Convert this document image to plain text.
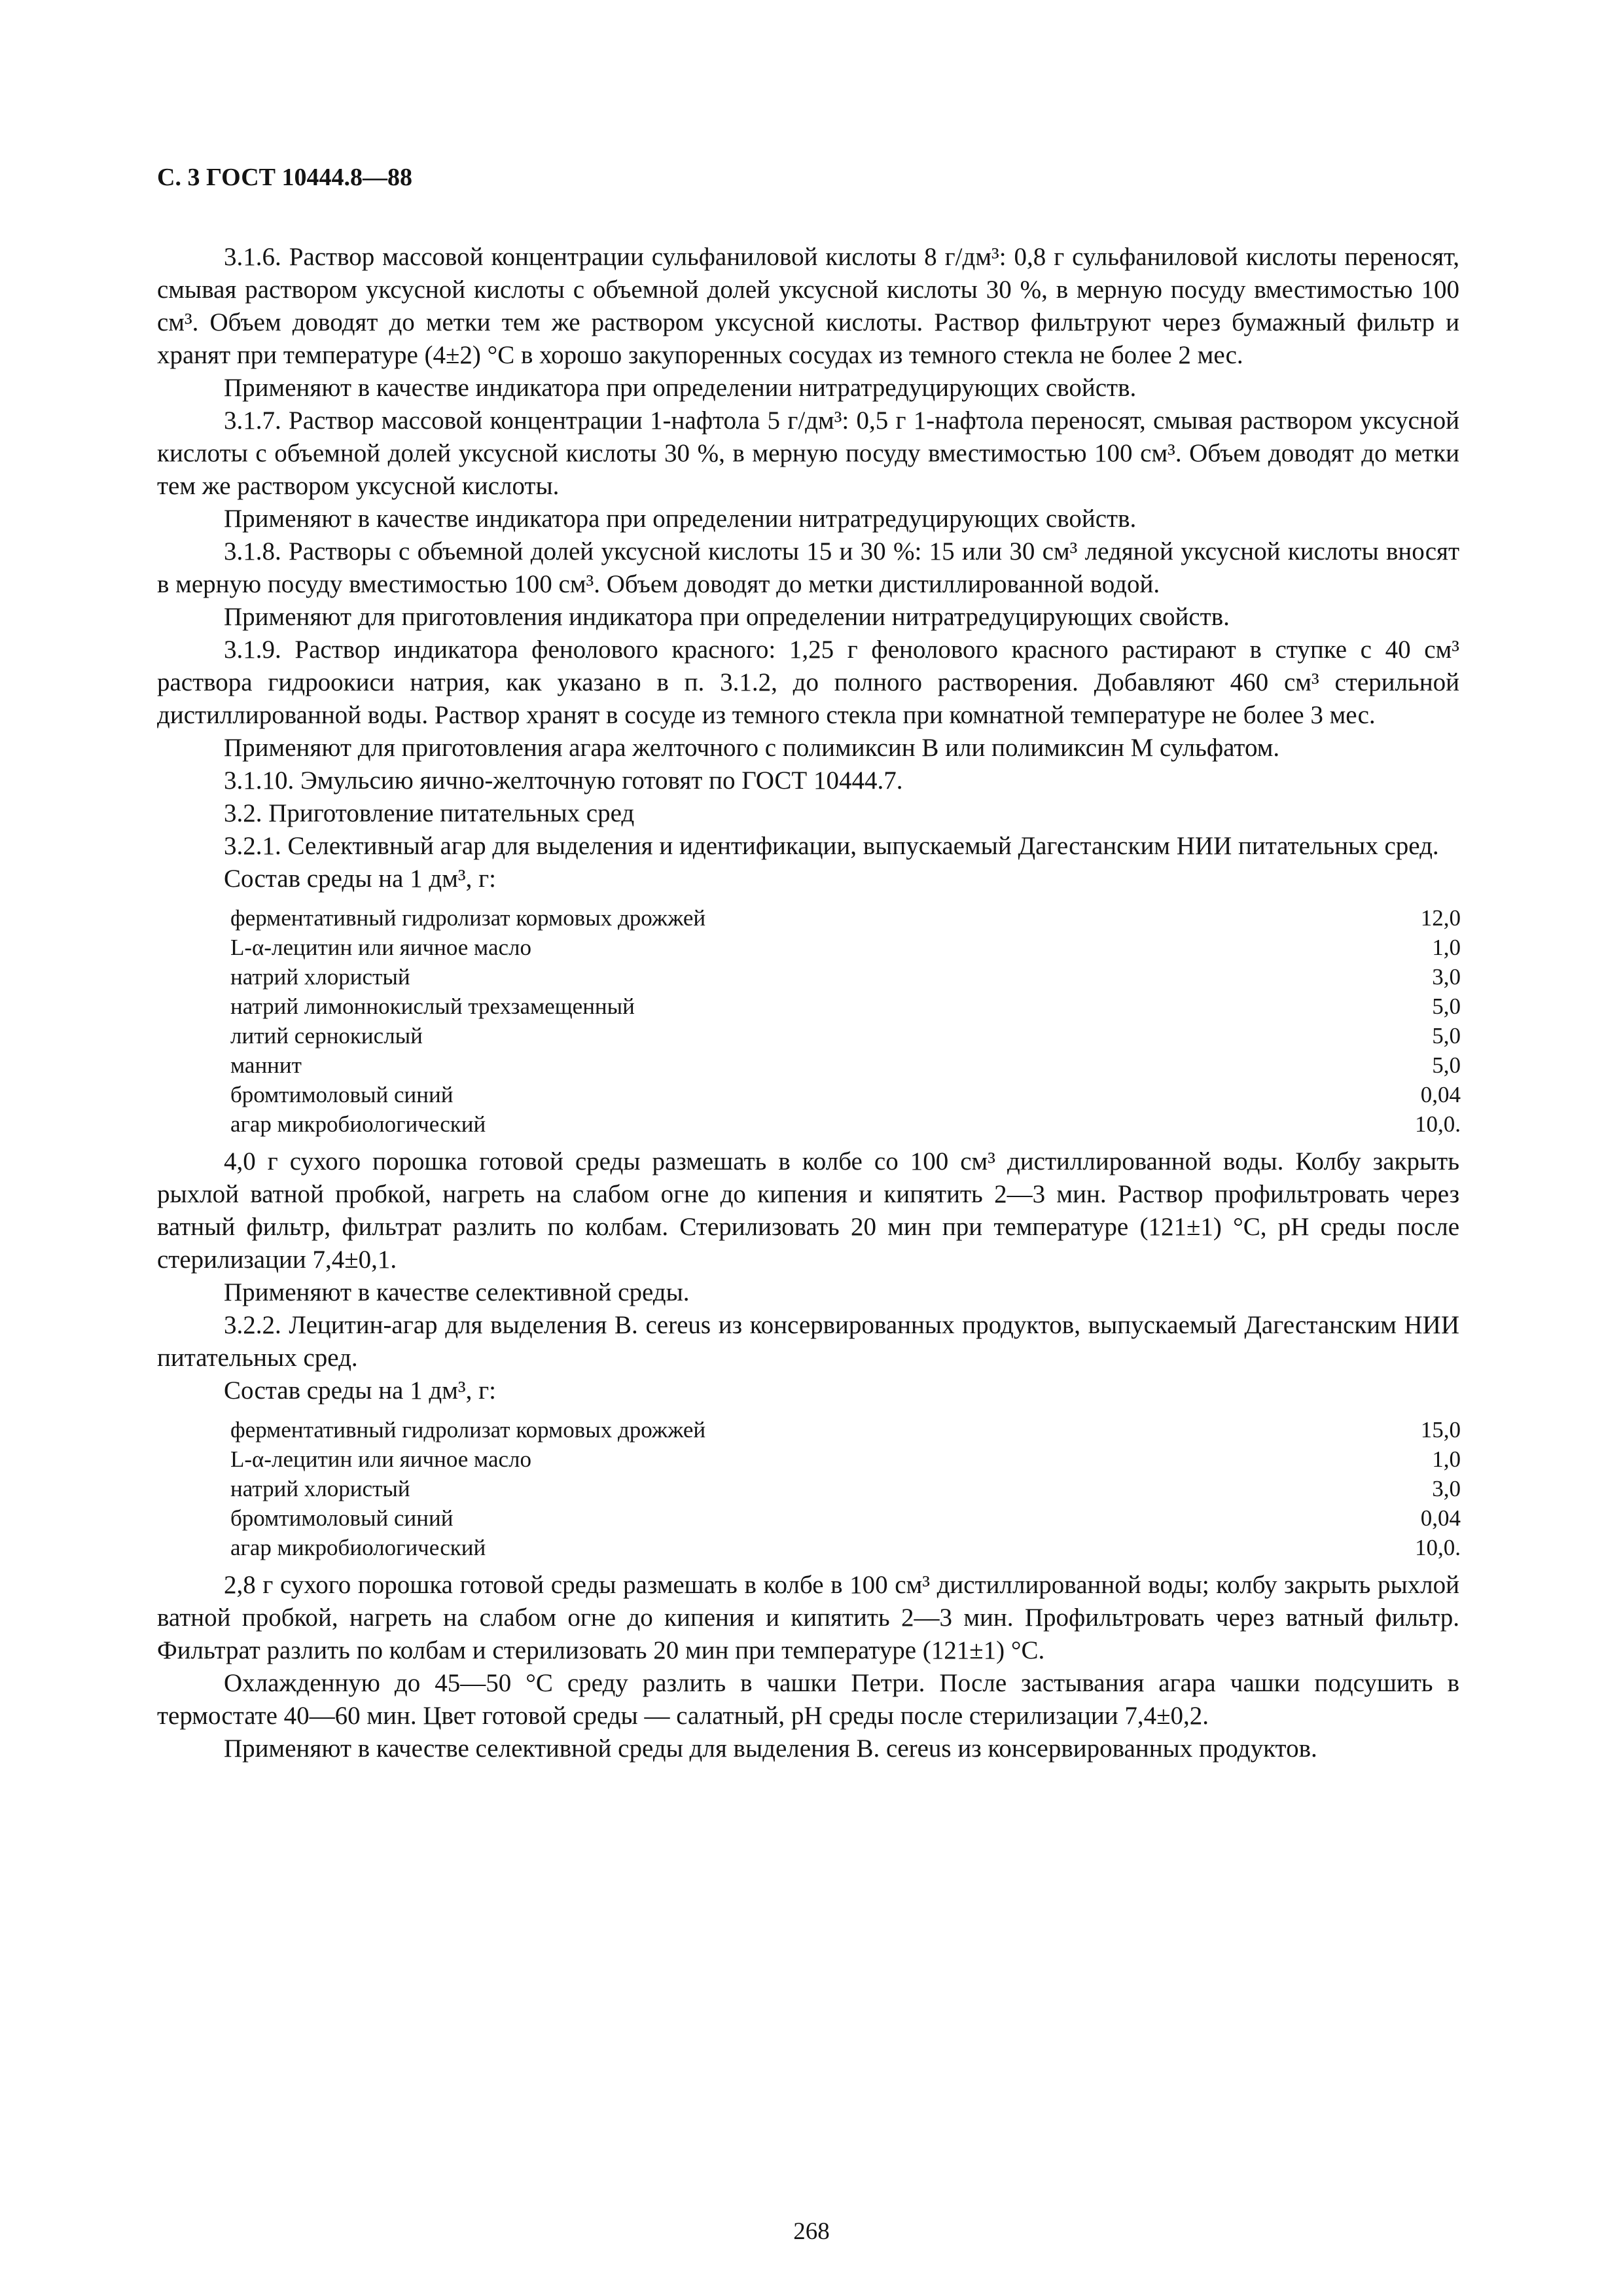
С. 3 ГОСТ 10444.8—88

3.1.6. Раствор массовой концентрации сульфаниловой кислоты 8 г/дм³: 0,8 г сульфаниловой кислоты переносят, смывая раствором уксусной кислоты с объемной долей уксусной кислоты 30 %, в мерную посуду вместимостью 100 см³. Объем доводят до метки тем же раствором уксусной кислоты. Раствор фильтруют через бумажный фильтр и хранят при температуре (4±2) °С в хорошо закупоренных сосудах из темного стекла не более 2 мес.

Применяют в качестве индикатора при определении нитратредуцирующих свойств.

3.1.7. Раствор массовой концентрации 1-нафтола 5 г/дм³: 0,5 г 1-нафтола переносят, смывая раствором уксусной кислоты с объемной долей уксусной кислоты 30 %, в мерную посуду вместимостью 100 см³. Объем доводят до метки тем же раствором уксусной кислоты.

Применяют в качестве индикатора при определении нитратредуцирующих свойств.

3.1.8. Растворы с объемной долей уксусной кислоты 15 и 30 %: 15 или 30 см³ ледяной уксусной кислоты вносят в мерную посуду вместимостью 100 см³. Объем доводят до метки дистиллированной водой.

Применяют для приготовления индикатора при определении нитратредуцирующих свойств.

3.1.9. Раствор индикатора фенолового красного: 1,25 г фенолового красного растирают в ступке с 40 см³ раствора гидроокиси натрия, как указано в п. 3.1.2, до полного растворения. Добавляют 460 см³ стерильной дистиллированной воды. Раствор хранят в сосуде из темного стекла при комнатной температуре не более 3 мес.

Применяют для приготовления агара желточного с полимиксин В или полимиксин М сульфатом.

3.1.10. Эмульсию яично-желточную готовят по ГОСТ 10444.7.

3.2. Приготовление питательных сред

3.2.1. Селективный агар для выделения и идентификации, выпускаемый Дагестанским НИИ питательных сред.

Состав среды на 1 дм³, г:

ферментативный гидролизат кормовых дрожжей	12,0
L-α-лецитин или яичное масло	1,0
натрий хлористый	3,0
натрий лимоннокислый трехзамещенный	5,0
литий сернокислый	5,0
маннит	5,0
бромтимоловый синий	0,04
агар микробиологический	10,0.

4,0 г сухого порошка готовой среды размешать в колбе со 100 см³ дистиллированной воды. Колбу закрыть рыхлой ватной пробкой, нагреть на слабом огне до кипения и кипятить 2—3 мин. Раствор профильтровать через ватный фильтр, фильтрат разлить по колбам. Стерилизовать 20 мин при температуре (121±1) °С, рН среды после стерилизации 7,4±0,1.

Применяют в качестве селективной среды.

3.2.2. Лецитин-агар для выделения В. cereus из консервированных продуктов, выпускаемый Дагестанским НИИ питательных сред.

Состав среды на 1 дм³, г:

ферментативный гидролизат кормовых дрожжей	15,0
L-α-лецитин или яичное масло	1,0
натрий хлористый	3,0
бромтимоловый синий	0,04
агар микробиологический	10,0.

2,8 г сухого порошка готовой среды размешать в колбе в 100 см³ дистиллированной воды; колбу закрыть рыхлой ватной пробкой, нагреть на слабом огне до кипения и кипятить 2—3 мин. Профильтровать через ватный фильтр. Фильтрат разлить по колбам и стерилизовать 20 мин при температуре (121±1) °С.

Охлажденную до 45—50 °С среду разлить в чашки Петри. После застывания агара чашки подсушить в термостате 40—60 мин. Цвет готовой среды — салатный, рН среды после стерилизации 7,4±0,2.

Применяют в качестве селективной среды для выделения В. cereus из консервированных продуктов.

268
